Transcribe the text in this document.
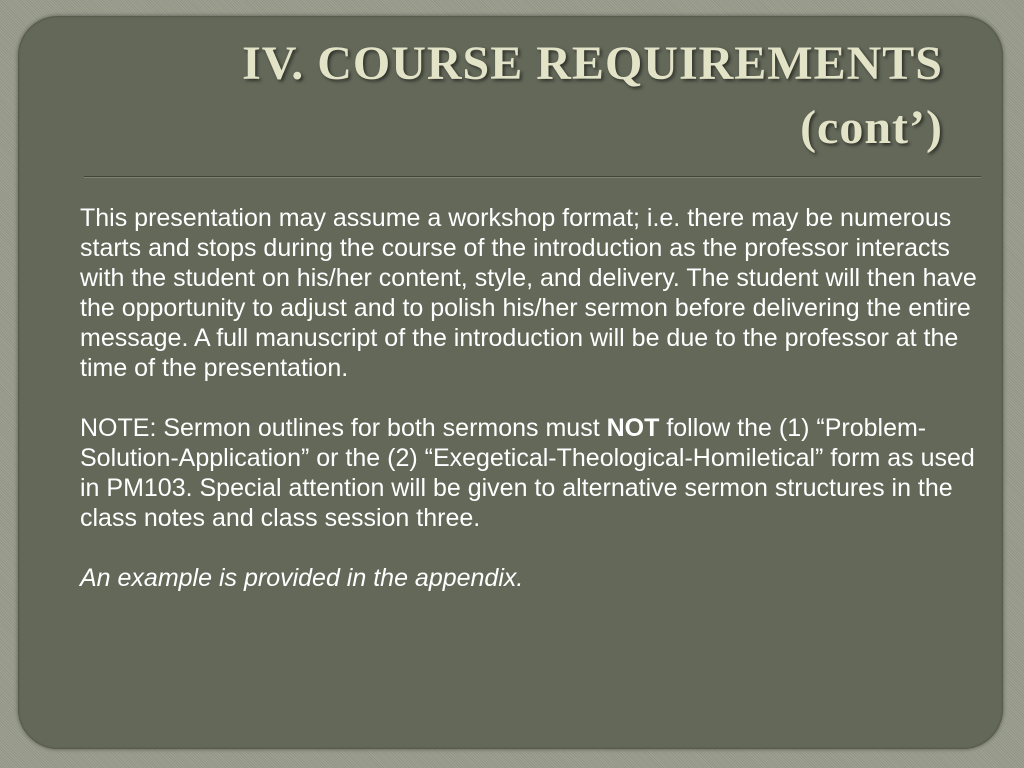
IV. COURSE REQUIREMENTS
(cont’)

This presentation may assume a workshop format; i.e. there may be numerous starts and stops during the course of the introduction as the professor interacts with the student on his/her content, style, and delivery. The student will then have the opportunity to adjust and to polish his/her sermon before delivering the entire message. A full manuscript of the introduction will be due to the professor at the time of the presentation.

NOTE: Sermon outlines for both sermons must NOT follow the (1) “Problem-Solution-Application” or the (2) “Exegetical-Theological-Homiletical” form as used in PM103. Special attention will be given to alternative sermon structures in the class notes and class session three.

An example is provided in the appendix.
